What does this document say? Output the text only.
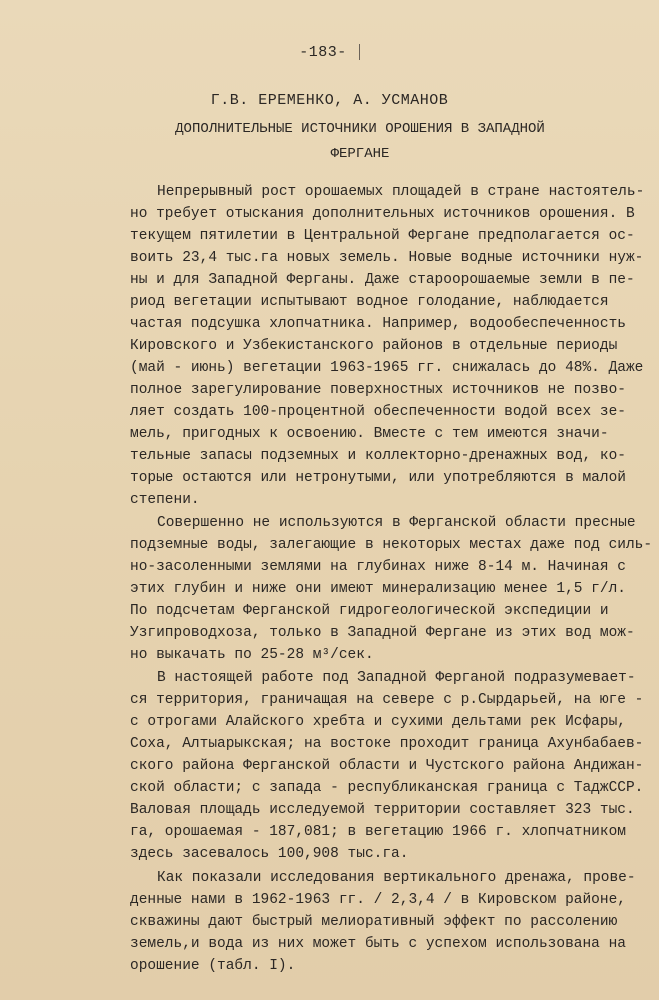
-183-
Г.В. ЕРЕМЕНКО, А. УСМАНОВ
ДОПОЛНИТЕЛЬНЫЕ ИСТОЧНИКИ ОРОШЕНИЯ В ЗАПАДНОЙ
ФЕРГАНЕ
Непрерывный рост орошаемых площадей в стране настоятель-
но требует отыскания дополнительных источников орошения. В
текущем пятилетии в Центральной Фергане предполагается ос-
воить 23,4 тыс.га новых земель. Новые водные источники нуж-
ны и для Западной Ферганы. Даже староорошаемые земли в пе-
риод вегетации испытывают водное голодание, наблюдается
частая подсушка хлопчатника. Например, водообеспеченность
Кировского и Узбекистанского районов в отдельные периоды
(май - июнь) вегетации 1963-1965 гг. снижалась до 48%. Даже
полное зарегулирование поверхностных источников не позво-
ляет создать 100-процентной обеспеченности водой всех зе-
мель, пригодных к освоению. Вместе с тем имеются значи-
тельные запасы подземных и коллекторно-дренажных вод, ко-
торые остаются или нетронутыми, или употребляются в малой
степени.
Совершенно не используются в Ферганской области пресные
подземные воды, залегающие в некоторых местах даже под силь-
но-засоленными землями на глубинах ниже 8-14 м. Начиная с
этих глубин и ниже они имеют минерализацию менее 1,5 г/л.
По подсчетам Ферганской гидрогеологической экспедиции и
Узгипроводхоза, только в Западной Фергане из этих вод мож-
но выкачать по 25-28 м³/сек.
В настоящей работе под Западной Ферганой подразумевает-
ся территория, граничащая на севере с р.Сырдарьей, на юге -
с отрогами Алайского хребта и сухими дельтами рек Исфары,
Соха, Алтыарыкская; на востоке проходит граница Ахунбабаев-
ского района Ферганской области и Чустского района Андижан-
ской области; с запада - республиканская граница с ТаджССР.
Валовая площадь исследуемой территории составляет 323 тыс.
га, орошаемая - 187,081; в вегетацию 1966 г. хлопчатником
здесь засевалось 100,908 тыс.га.
Как показали исследования вертикального дренажа, прове-
денные нами в 1962-1963 гг. / 2,3,4 / в Кировском районе,
скважины дают быстрый мелиоративный эффект по рассолению
земель,и вода из них может быть с успехом использована на
орошение (табл. I).
